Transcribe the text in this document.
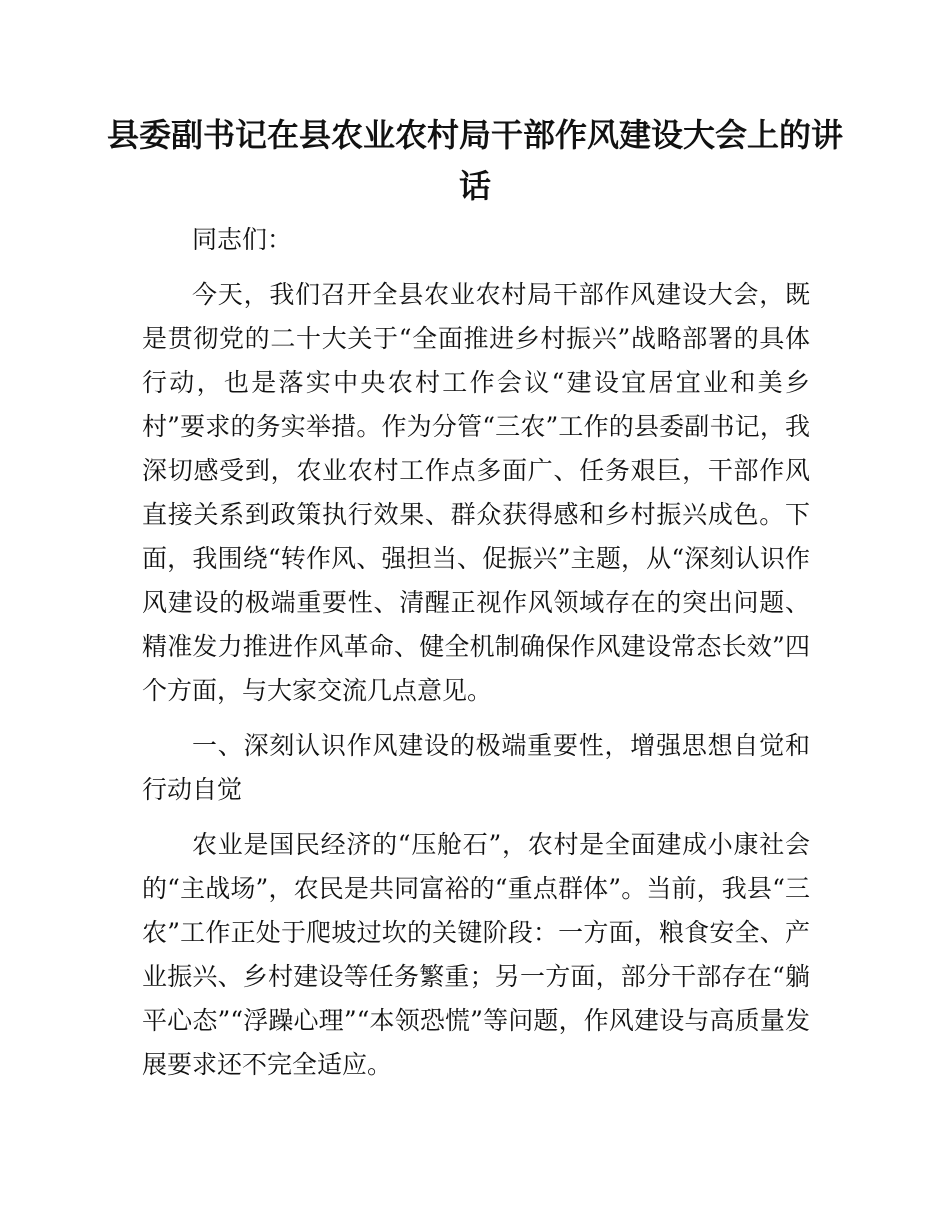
县委副书记在县农业农村局干部作风建设大会上的讲话

同志们：

今天，我们召开全县农业农村局干部作风建设大会，既是贯彻党的二十大关于“全面推进乡村振兴”战略部署的具体行动，也是落实中央农村工作会议“建设宜居宜业和美乡村”要求的务实举措。作为分管“三农”工作的县委副书记，我深切感受到，农业农村工作点多面广、任务艰巨，干部作风直接关系到政策执行效果、群众获得感和乡村振兴成色。下面，我围绕“转作风、强担当、促振兴”主题，从“深刻认识作风建设的极端重要性、清醒正视作风领域存在的突出问题、精准发力推进作风革命、健全机制确保作风建设常态长效”四个方面，与大家交流几点意见。

一、深刻认识作风建设的极端重要性，增强思想自觉和行动自觉

农业是国民经济的“压舱石”，农村是全面建成小康社会的“主战场”，农民是共同富裕的“重点群体”。当前，我县“三农”工作正处于爬坡过坎的关键阶段：一方面，粮食安全、产业振兴、乡村建设等任务繁重；另一方面，部分干部存在“躺平心态”“浮躁心理”“本领恐慌”等问题，作风建设与高质量发展要求还不完全适应。
